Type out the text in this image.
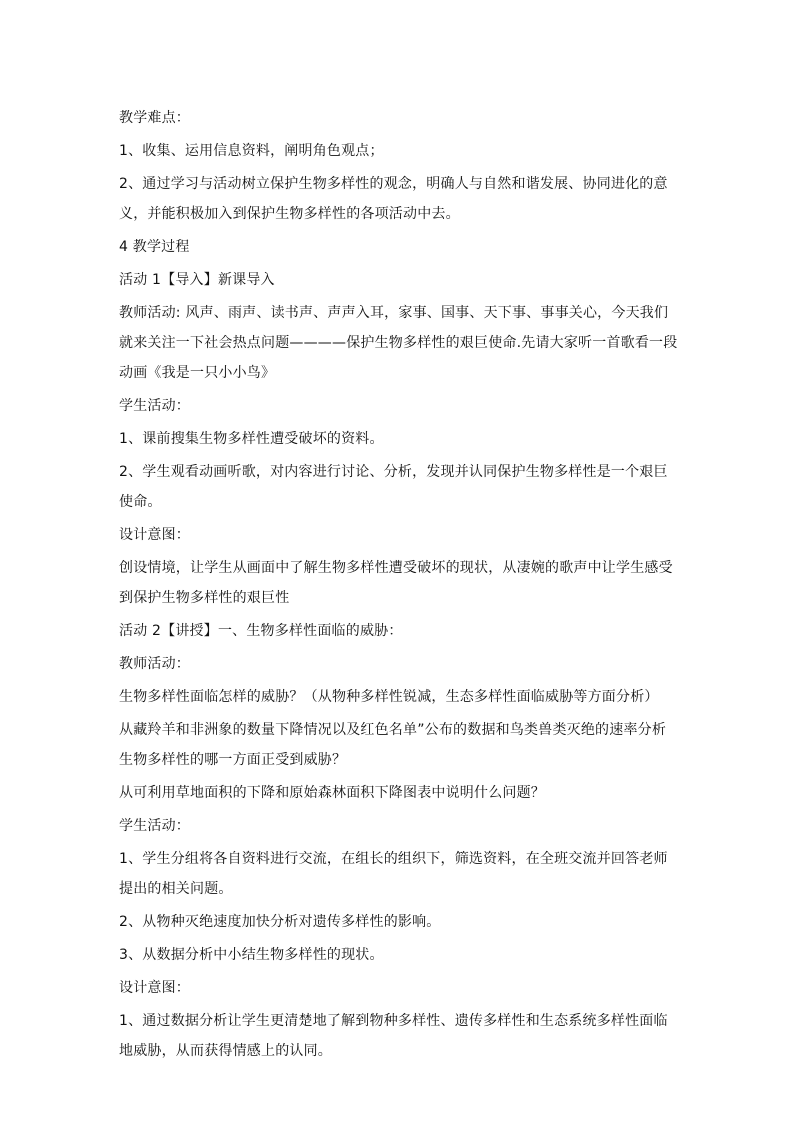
教学难点：

1、收集、运用信息资料，阐明角色观点；

2、通过学习与活动树立保护生物多样性的观念，明确人与自然和谐发展、协同进化的意义，并能积极加入到保护生物多样性的各项活动中去。

4 教学过程

活动 1【导入】新课导入

教师活动: 风声、雨声、读书声、声声入耳，家事、国事、天下事、事事关心，今天我们就来关注一下社会热点问题————保护生物多样性的艰巨使命.先请大家听一首歌看一段动画《我是一只小小鸟》

学生活动：

1、课前搜集生物多样性遭受破坏的资料。

2、学生观看动画听歌，对内容进行讨论、分析，发现并认同保护生物多样性是一个艰巨使命。

设计意图：

创设情境，让学生从画面中了解生物多样性遭受破坏的现状，从凄婉的歌声中让学生感受到保护生物多样性的艰巨性

活动 2【讲授】一、生物多样性面临的威胁：

教师活动：

生物多样性面临怎样的威胁？（从物种多样性锐减，生态多样性面临威胁等方面分析）

从藏羚羊和非洲象的数量下降情况以及红色名单”公布的数据和鸟类兽类灭绝的速率分析生物多样性的哪一方面正受到威胁？

从可利用草地面积的下降和原始森林面积下降图表中说明什么问题？

学生活动：

1、学生分组将各自资料进行交流，在组长的组织下，筛选资料，在全班交流并回答老师提出的相关问题。

2、从物种灭绝速度加快分析对遗传多样性的影响。

3、从数据分析中小结生物多样性的现状。

设计意图：

1、通过数据分析让学生更清楚地了解到物种多样性、遗传多样性和生态系统多样性面临地威胁，从而获得情感上的认同。
